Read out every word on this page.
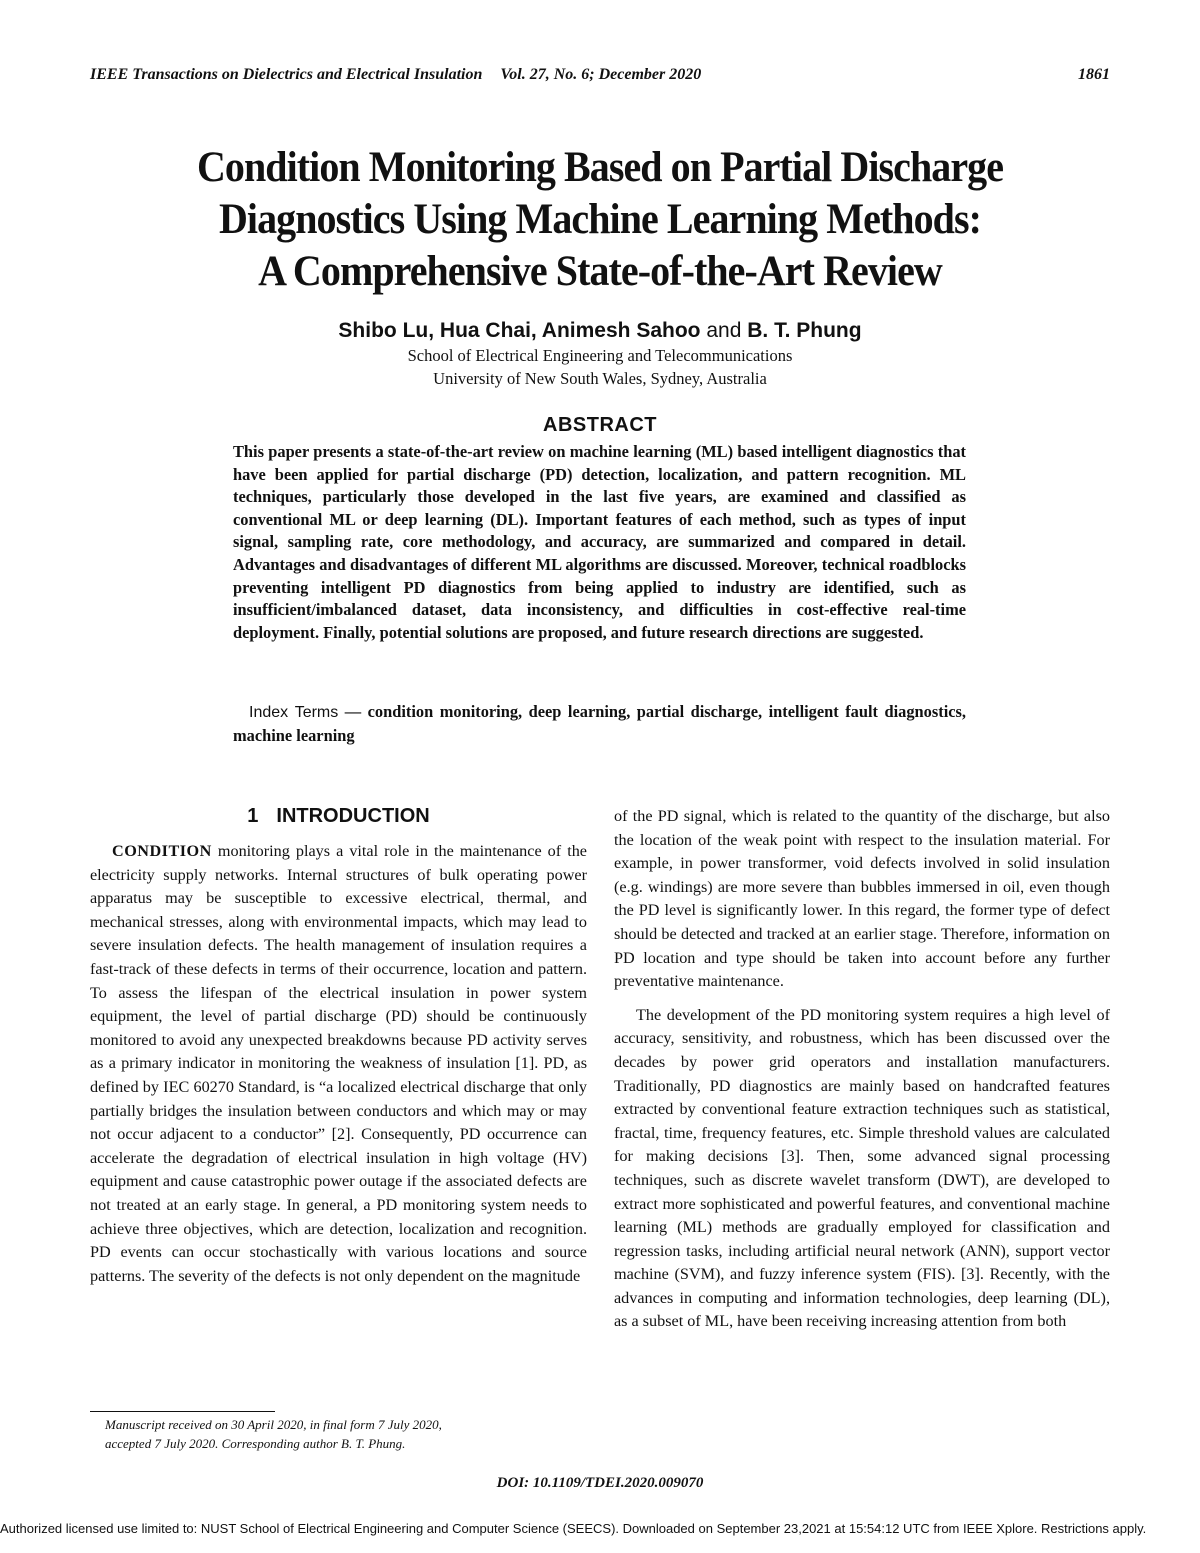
IEEE Transactions on Dielectrics and Electrical Insulation Vol. 27, No. 6; December 2020	1861
Condition Monitoring Based on Partial Discharge
Diagnostics Using Machine Learning Methods:
A Comprehensive State-of-the-Art Review
Shibo Lu, Hua Chai, Animesh Sahoo and B. T. Phung
School of Electrical Engineering and Telecommunications
University of New South Wales, Sydney, Australia
ABSTRACT
This paper presents a state-of-the-art review on machine learning (ML) based intelligent diagnostics that have been applied for partial discharge (PD) detection, localization, and pattern recognition. ML techniques, particularly those developed in the last five years, are examined and classified as conventional ML or deep learning (DL). Important features of each method, such as types of input signal, sampling rate, core methodology, and accuracy, are summarized and compared in detail. Advantages and disadvantages of different ML algorithms are discussed. Moreover, technical roadblocks preventing intelligent PD diagnostics from being applied to industry are identified, such as insufficient/imbalanced dataset, data inconsistency, and difficulties in cost-effective real-time deployment. Finally, potential solutions are proposed, and future research directions are suggested.
Index Terms — condition monitoring, deep learning, partial discharge, intelligent fault diagnostics, machine learning
1 INTRODUCTION

CONDITION monitoring plays a vital role in the maintenance of the electricity supply networks. Internal structures of bulk operating power apparatus may be susceptible to excessive electrical, thermal, and mechanical stresses, along with environmental impacts, which may lead to severe insulation defects. The health management of insulation requires a fast-track of these defects in terms of their occurrence, location and pattern. To assess the lifespan of the electrical insulation in power system equipment, the level of partial discharge (PD) should be continuously monitored to avoid any unexpected breakdowns because PD activity serves as a primary indicator in monitoring the weakness of insulation [1]. PD, as defined by IEC 60270 Standard, is “a localized electrical discharge that only partially bridges the insulation between conductors and which may or may not occur adjacent to a conductor” [2]. Consequently, PD occurrence can accelerate the degradation of electrical insulation in high voltage (HV) equipment and cause catastrophic power outage if the associated defects are not treated at an early stage. In general, a PD monitoring system needs to achieve three objectives, which are detection, localization and recognition. PD events can occur stochastically with various locations and source patterns. The severity of the defects is not only dependent on the magnitude

of the PD signal, which is related to the quantity of the discharge, but also the location of the weak point with respect to the insulation material. For example, in power transformer, void defects involved in solid insulation (e.g. windings) are more severe than bubbles immersed in oil, even though the PD level is significantly lower. In this regard, the former type of defect should be detected and tracked at an earlier stage. Therefore, information on PD location and type should be taken into account before any further preventative maintenance.

The development of the PD monitoring system requires a high level of accuracy, sensitivity, and robustness, which has been discussed over the decades by power grid operators and installation manufacturers. Traditionally, PD diagnostics are mainly based on handcrafted features extracted by conventional feature extraction techniques such as statistical, fractal, time, frequency features, etc. Simple threshold values are calculated for making decisions [3]. Then, some advanced signal processing techniques, such as discrete wavelet transform (DWT), are developed to extract more sophisticated and powerful features, and conventional machine learning (ML) methods are gradually employed for classification and regression tasks, including artificial neural network (ANN), support vector machine (SVM), and fuzzy inference system (FIS). [3]. Recently, with the advances in computing and information technologies, deep learning (DL), as a subset of ML, have been receiving increasing attention from both

Manuscript received on 30 April 2020, in final form 7 July 2020,
accepted 7 July 2020. Corresponding author B. T. Phung.
DOI: 10.1109/TDEI.2020.009070
Authorized licensed use limited to: NUST School of Electrical Engineering and Computer Science (SEECS). Downloaded on September 23,2021 at 15:54:12 UTC from IEEE Xplore. Restrictions apply.
